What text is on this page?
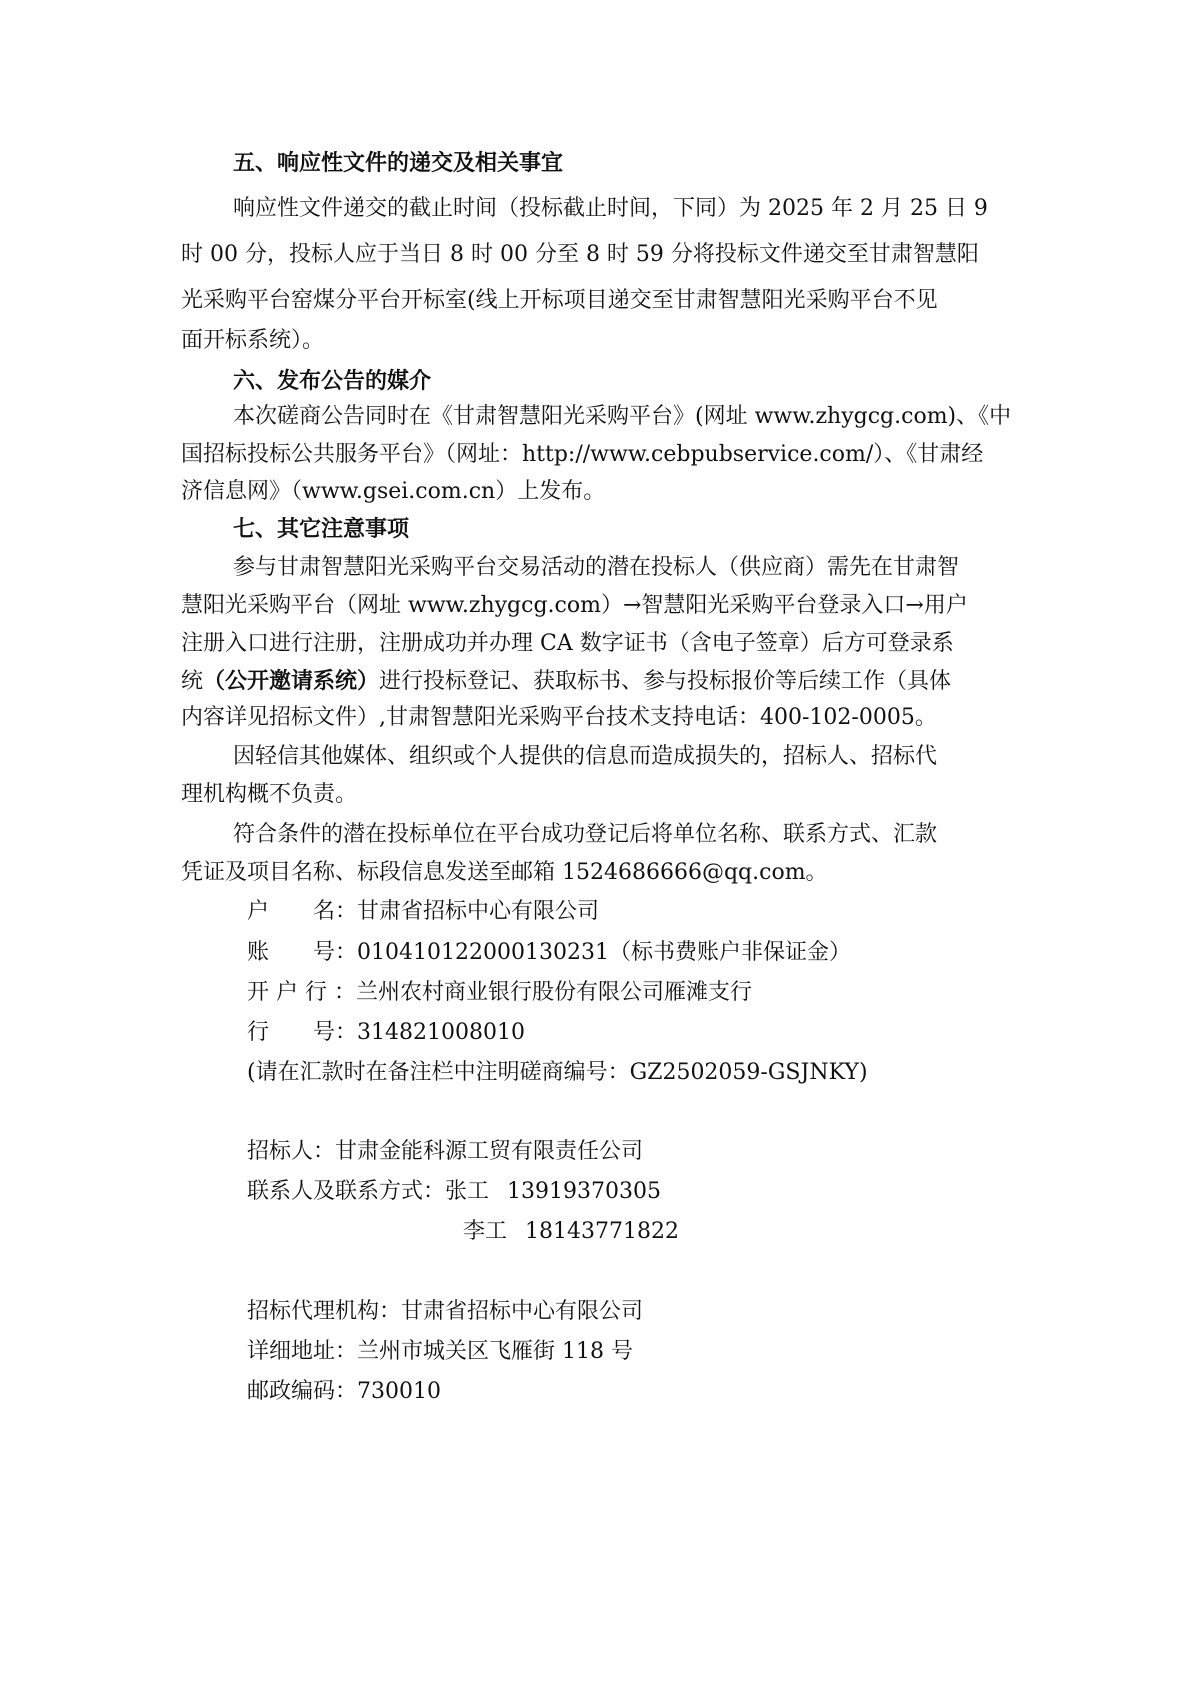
五、响应性文件的递交及相关事宜
响应性文件递交的截止时间（投标截止时间，下同）为 2025 年 2 月 25 日 9
时 00 分，投标人应于当日 8 时 00 分至 8 时 59 分将投标文件递交至甘肃智慧阳
光采购平台窑煤分平台开标室(线上开标项目递交至甘肃智慧阳光采购平台不见
面开标系统）。
六、发布公告的媒介
本次磋商公告同时在《甘肃智慧阳光采购平台》(网址 www.zhygcg.com)、《中
国招标投标公共服务平台》（网址：http://www.cebpubservice.com/）、《甘肃经
济信息网》（www.gsei.com.cn）上发布。
七、其它注意事项
参与甘肃智慧阳光采购平台交易活动的潜在投标人（供应商）需先在甘肃智
慧阳光采购平台（网址 www.zhygcg.com）→智慧阳光采购平台登录入口→用户
注册入口进行注册，注册成功并办理 CA 数字证书（含电子签章）后方可登录系
统（公开邀请系统）进行投标登记、获取标书、参与投标报价等后续工作（具体
内容详见招标文件）,甘肃智慧阳光采购平台技术支持电话：400-102-0005。
因轻信其他媒体、组织或个人提供的信息而造成损失的，招标人、招标代
理机构概不负责。
符合条件的潜在投标单位在平台成功登记后将单位名称、联系方式、汇款
凭证及项目名称、标段信息发送至邮箱 1524686666@qq.com。
户　　名：甘肃省招标中心有限公司
账　　号：010410122000130231（标书费账户非保证金）
开 户 行 ：兰州农村商业银行股份有限公司雁滩支行
行　　号：314821008010
(请在汇款时在备注栏中注明磋商编号：GZ2502059-GSJNKY)
招标人：甘肃金能科源工贸有限责任公司
联系人及联系方式：张工 13919370305
李工 18143771822
招标代理机构：甘肃省招标中心有限公司
详细地址：兰州市城关区飞雁街 118 号
邮政编码：730010
